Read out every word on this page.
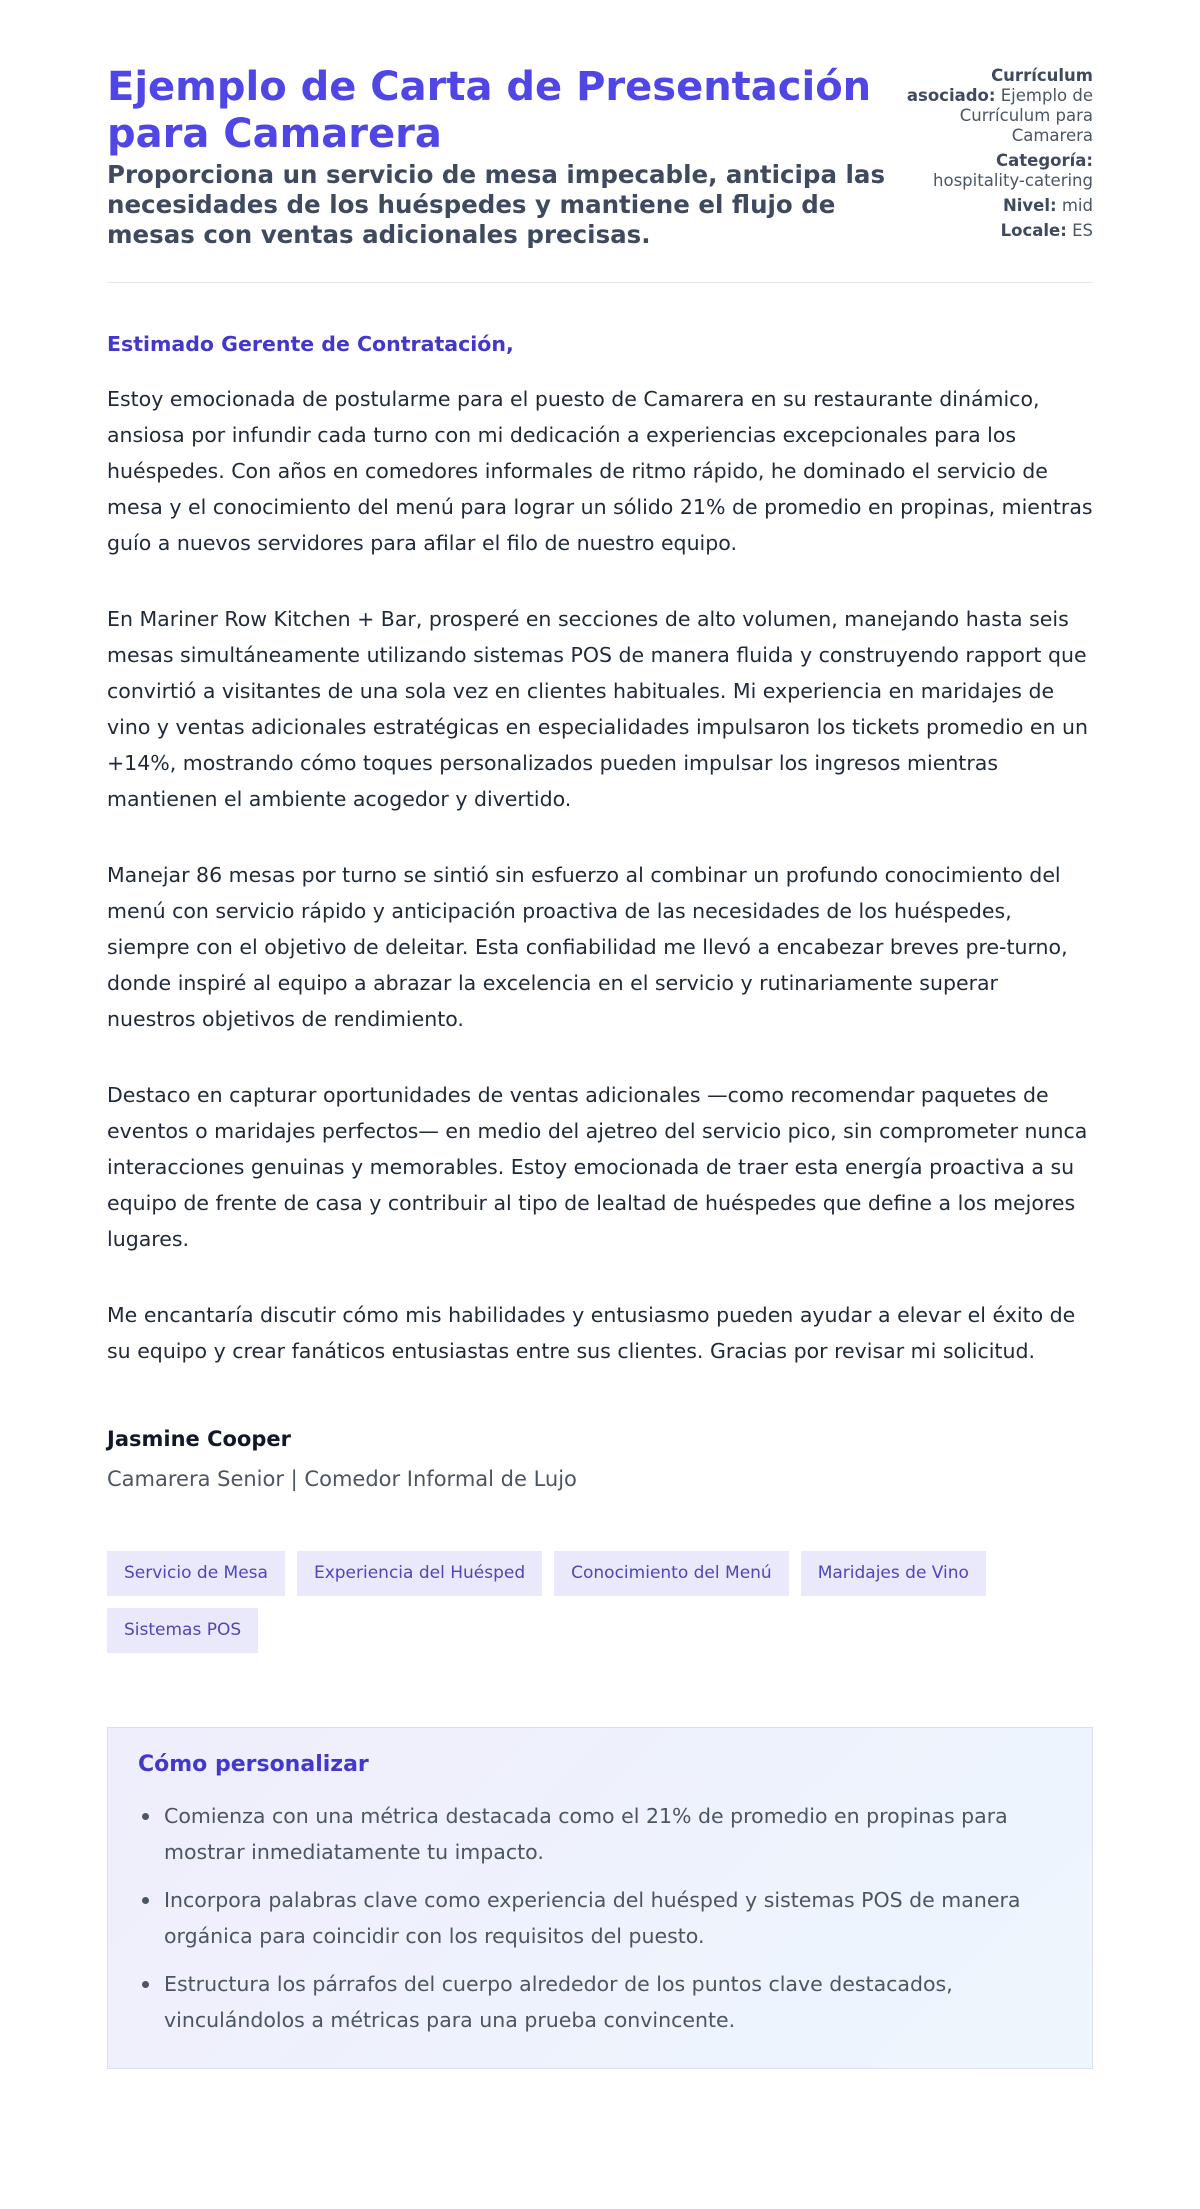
Ejemplo de Carta de Presentación para Camarera
Proporciona un servicio de mesa impecable, anticipa las necesidades de los huéspedes y mantiene el flujo de mesas con ventas adicionales precisas.
Currículum asociado: Ejemplo de Currículum para Camarera
Categoría: hospitality-catering
Nivel: mid
Locale: ES

Estimado Gerente de Contratación,

Estoy emocionada de postularme para el puesto de Camarera en su restaurante dinámico, ansiosa por infundir cada turno con mi dedicación a experiencias excepcionales para los huéspedes. Con años en comedores informales de ritmo rápido, he dominado el servicio de mesa y el conocimiento del menú para lograr un sólido 21% de promedio en propinas, mientras guío a nuevos servidores para afilar el filo de nuestro equipo.

En Mariner Row Kitchen + Bar, prosperé en secciones de alto volumen, manejando hasta seis mesas simultáneamente utilizando sistemas POS de manera fluida y construyendo rapport que convirtió a visitantes de una sola vez en clientes habituales. Mi experiencia en maridajes de vino y ventas adicionales estratégicas en especialidades impulsaron los tickets promedio en un +14%, mostrando cómo toques personalizados pueden impulsar los ingresos mientras mantienen el ambiente acogedor y divertido.

Manejar 86 mesas por turno se sintió sin esfuerzo al combinar un profundo conocimiento del menú con servicio rápido y anticipación proactiva de las necesidades de los huéspedes, siempre con el objetivo de deleitar. Esta confiabilidad me llevó a encabezar breves pre-turno, donde inspiré al equipo a abrazar la excelencia en el servicio y rutinariamente superar nuestros objetivos de rendimiento.

Destaco en capturar oportunidades de ventas adicionales —como recomendar paquetes de eventos o maridajes perfectos— en medio del ajetreo del servicio pico, sin comprometer nunca interacciones genuinas y memorables. Estoy emocionada de traer esta energía proactiva a su equipo de frente de casa y contribuir al tipo de lealtad de huéspedes que define a los mejores lugares.

Me encantaría discutir cómo mis habilidades y entusiasmo pueden ayudar a elevar el éxito de su equipo y crear fanáticos entusiastas entre sus clientes. Gracias por revisar mi solicitud.

Jasmine Cooper
Camarera Senior | Comedor Informal de Lujo
Servicio de Mesa	Experiencia del Huésped	Conocimiento del Menú	Maridajes de Vino
Sistemas POS
Cómo personalizar
Comienza con una métrica destacada como el 21% de promedio en propinas para mostrar inmediatamente tu impacto.
Incorpora palabras clave como experiencia del huésped y sistemas POS de manera orgánica para coincidir con los requisitos del puesto.
Estructura los párrafos del cuerpo alrededor de los puntos clave destacados, vinculándolos a métricas para una prueba convincente.
